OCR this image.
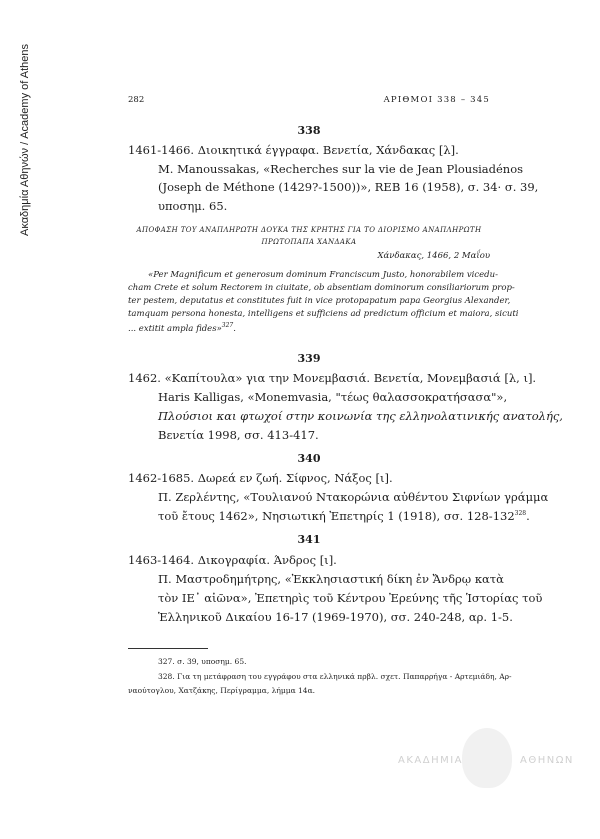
Ακαδημία Αθηνών / Academy of Athens	282	ΑΡΙΘΜΟΙ 338 – 345
338
1461-1466. Διοικητικά έγγραφα. Βενετία, Χάνδακας [λ].
M. Manoussakas, «Recherches sur la vie de Jean Plousiadénos
(Joseph de Méthone (1429?-1500))», REB 16 (1958), σ. 34· σ. 39,
υποσημ. 65.
ΑΠΟΦΑΣΗ ΤΟΥ ΑΝΑΠΛΗΡΩΤΗ ΔΟΥΚΑ ΤΗΣ ΚΡΗΤΗΣ ΓΙΑ ΤΟ ΔΙΟΡΙΣΜΟ ΑΝΑΠΛΗΡΩΤΗ
ΠΡΩΤΟΠΑΠΑ ΧΑΝΔΑΚΑ
Χάνδακας, 1466, 2 Μαΐου
«Per Magnificum et generosum dominum Franciscum Justo, honorabilem vicedu-
cham Crete et solum Rectorem in ciuitate, ob absentiam dominorum consiliariorum prop-
ter pestem, deputatus et constitutes fuit in vice protopapatum papa Georgius Alexander,
tamquam persona honesta, intelligens et sufficiens ad predictum officium et maiora, sicuti
... extitit ampla fides»$^{327}$.
339
1462. «Καπίτουλα» για την Μονεμβασιά. Βενετία, Μονεμβασιά [λ, ι].
Haris Kalligas, «Monemvasia, "τέως θαλασσοκρατήσασα"»,
Πλούσιοι και φτωχοί στην κοινωνία της ελληνολατινικής ανατολής,
Βενετία 1998, σσ. 413-417.
340
1462-1685. Δωρεά εν ζωή. Σίφνος, Νάξος [ι].
Π. Ζερλέντης, «Τουλιανού Ντακορώνια αὐθέντου Σιφνίων γράμμα
τοῦ ἔτους 1462», Νησιωτική Ἐπετηρίς 1 (1918), σσ. $128-132^{328}$.
341
1463-1464. Δικογραφία. Άνδρος [ι].
Π. Μαστροδημήτρης, «Ἐκκλησιαστική δίκη ἐν Ἄνδρῳ κατὰ
τὸν ΙΕ᾽ αἰῶνα», Ἐπετηρὶς τοῦ Κέντρου Ἐρεύνης τῆς Ἱστορίας τοῦ
Ἑλληνικοῦ Δικαίου 16-17 (1969-1970), σσ. 240-248, αρ. 1-5.
327. σ. 39, υποσημ. 65.
328. Για τη μετάφραση του εγγράφου στα ελληνικά πρβλ. σχετ. Παπαρρήγα - Αρτεμιάδη, Αρ-
ναούτογλου, Χατζάκης, Περίγραμμα, λήμμα 14α.
ΑΚΑΔΗΜΙΑ	ΑΘΗΝΩΝ
